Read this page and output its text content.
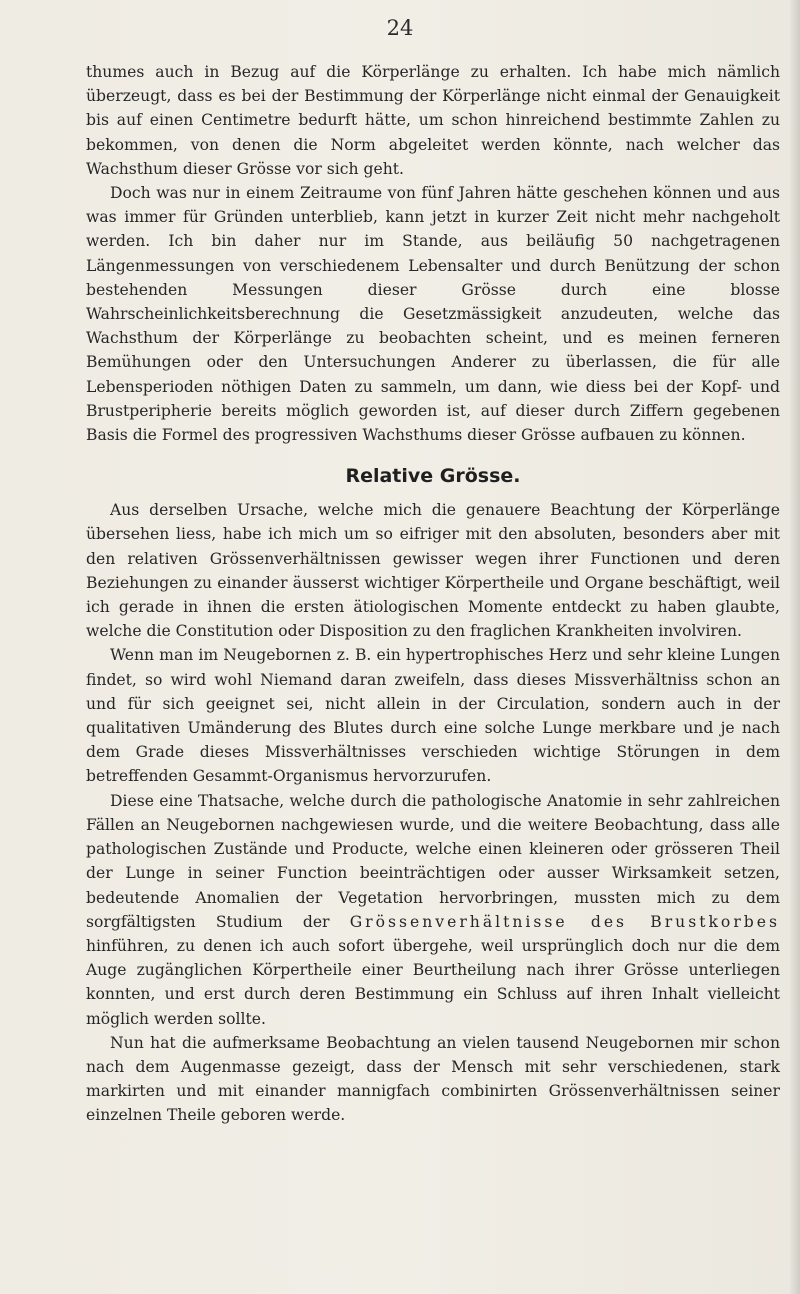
24

thumes auch in Bezug auf die Körperlänge zu erhalten. Ich habe mich nämlich überzeugt, dass es bei der Bestimmung der Körperlänge nicht einmal der Genauigkeit bis auf einen Centimetre bedurft hätte, um schon hinreichend bestimmte Zahlen zu bekommen, von denen die Norm abgeleitet werden könnte, nach welcher das Wachsthum dieser Grösse vor sich geht.

Doch was nur in einem Zeitraume von fünf Jahren hätte geschehen können und aus was immer für Gründen unterblieb, kann jetzt in kurzer Zeit nicht mehr nachgeholt werden. Ich bin daher nur im Stande, aus beiläufig 50 nachgetragenen Längenmessungen von verschiedenem Lebensalter und durch Benützung der schon bestehenden Messungen dieser Grösse durch eine blosse Wahrscheinlichkeitsberechnung die Gesetzmässigkeit anzudeuten, welche das Wachsthum der Körperlänge zu beobachten scheint, und es meinen ferneren Bemühungen oder den Untersuchungen Anderer zu überlassen, die für alle Lebensperioden nöthigen Daten zu sammeln, um dann, wie diess bei der Kopf- und Brustperipherie bereits möglich geworden ist, auf dieser durch Ziffern gegebenen Basis die Formel des progressiven Wachsthums dieser Grösse aufbauen zu können.

Relative Grösse.

Aus derselben Ursache, welche mich die genauere Beachtung der Körperlänge übersehen liess, habe ich mich um so eifriger mit den absoluten, besonders aber mit den relativen Grössenverhältnissen gewisser wegen ihrer Functionen und deren Beziehungen zu einander äusserst wichtiger Körpertheile und Organe beschäftigt, weil ich gerade in ihnen die ersten ätiologischen Momente entdeckt zu haben glaubte, welche die Constitution oder Disposition zu den fraglichen Krankheiten involviren.

Wenn man im Neugebornen z. B. ein hypertrophisches Herz und sehr kleine Lungen findet, so wird wohl Niemand daran zweifeln, dass dieses Missverhältniss schon an und für sich geeignet sei, nicht allein in der Circulation, sondern auch in der qualitativen Umänderung des Blutes durch eine solche Lunge merkbare und je nach dem Grade dieses Missverhältnisses verschieden wichtige Störungen in dem betreffenden Gesammt-Organismus hervorzurufen.

Diese eine Thatsache, welche durch die pathologische Anatomie in sehr zahlreichen Fällen an Neugebornen nachgewiesen wurde, und die weitere Beobachtung, dass alle pathologischen Zustände und Producte, welche einen kleineren oder grösseren Theil der Lunge in seiner Function beeinträchtigen oder ausser Wirksamkeit setzen, bedeutende Anomalien der Vegetation hervorbringen, mussten mich zu dem sorgfältigsten Studium der Grössenverhältnisse des Brustkorbes hinführen, zu denen ich auch sofort übergehe, weil ursprünglich doch nur die dem Auge zugänglichen Körpertheile einer Beurtheilung nach ihrer Grösse unterliegen konnten, und erst durch deren Bestimmung ein Schluss auf ihren Inhalt vielleicht möglich werden sollte.

Nun hat die aufmerksame Beobachtung an vielen tausend Neugebornen mir schon nach dem Augenmasse gezeigt, dass der Mensch mit sehr verschiedenen, stark markirten und mit einander mannigfach combinirten Grössenverhältnissen seiner einzelnen Theile geboren werde.
